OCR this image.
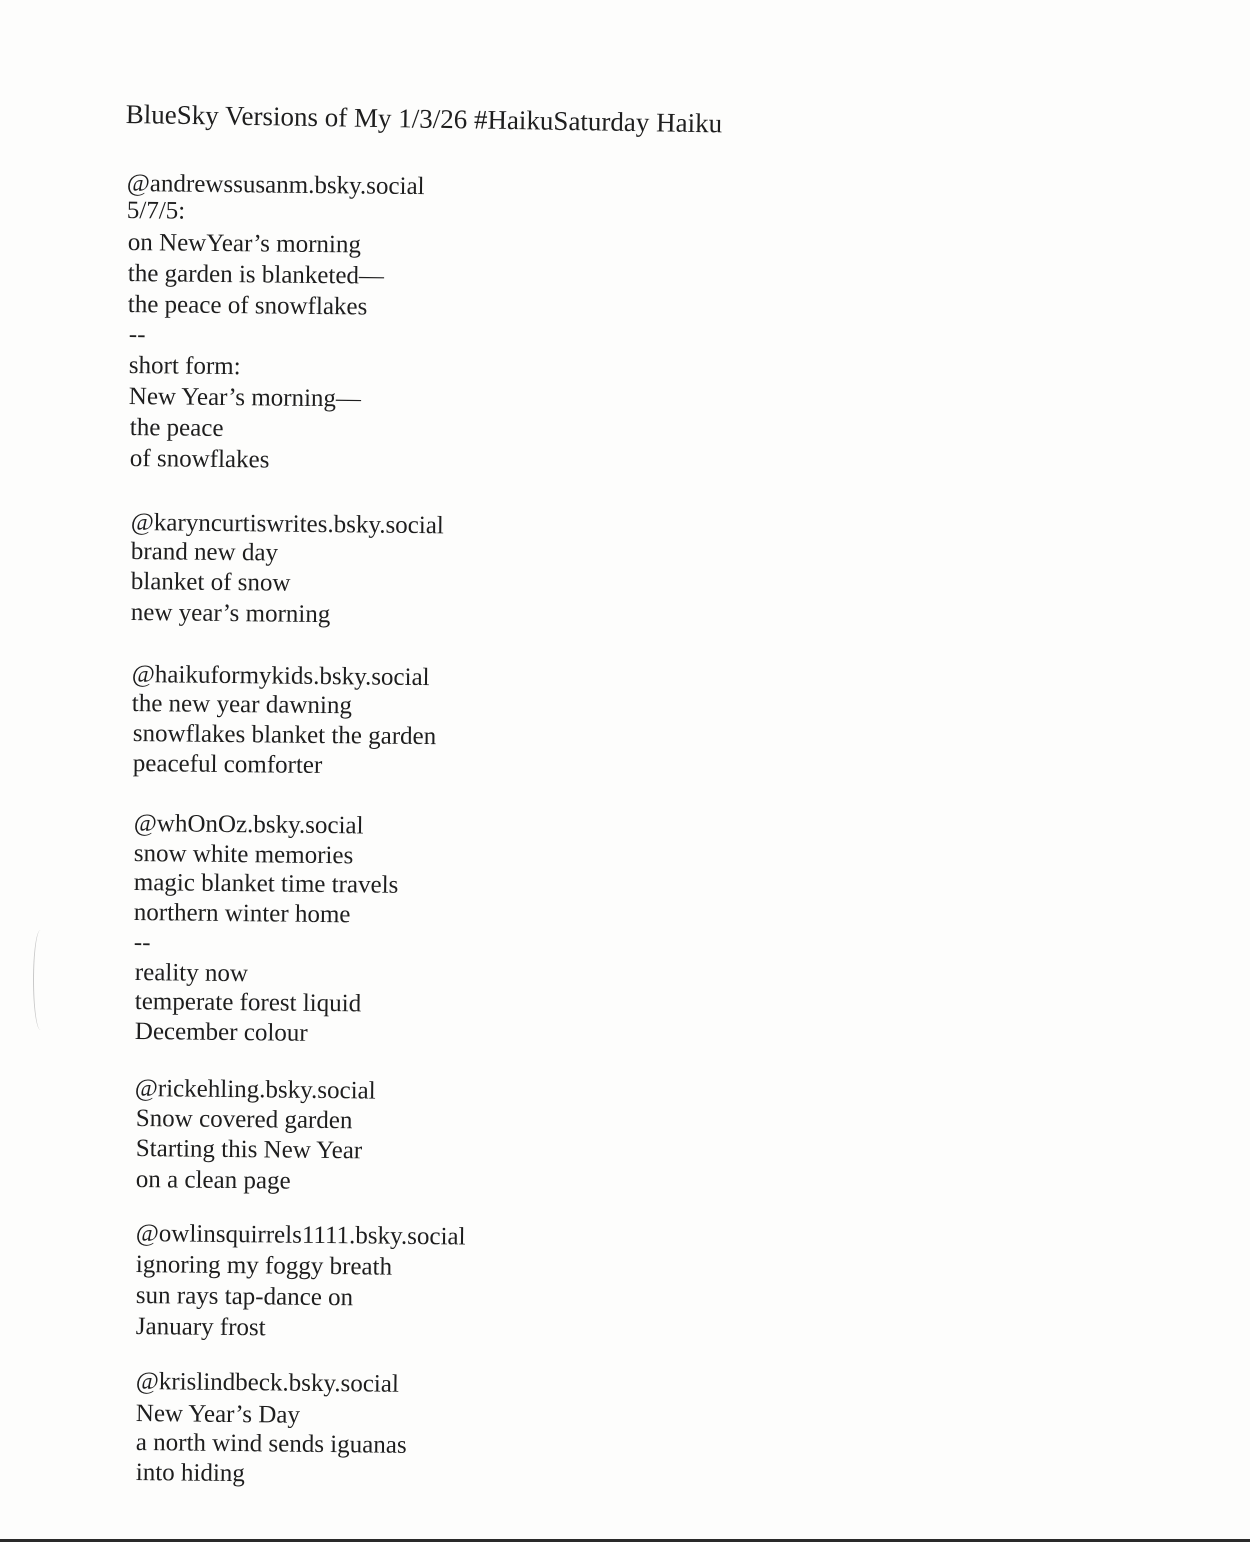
BlueSky Versions of My 1/3/26 #HaikuSaturday Haiku
@andrewssusanm.bsky.social
5/7/5:
on NewYear’s morning
the garden is blanketed—
the peace of snowflakes
--
short form:
New Year’s morning—
the peace
of snowflakes
@karyncurtiswrites.bsky.social
brand new day
blanket of snow
new year’s morning
@haikuformykids.bsky.social
the new year dawning
snowflakes blanket the garden
peaceful comforter
@whOnOz.bsky.social
snow white memories
magic blanket time travels
northern winter home
--
reality now
temperate forest liquid
December colour
@rickehling.bsky.social
Snow covered garden
Starting this New Year
on a clean page
@owlinsquirrels1111.bsky.social
ignoring my foggy breath
sun rays tap-dance on
January frost
@krislindbeck.bsky.social
New Year’s Day
a north wind sends iguanas
into hiding
